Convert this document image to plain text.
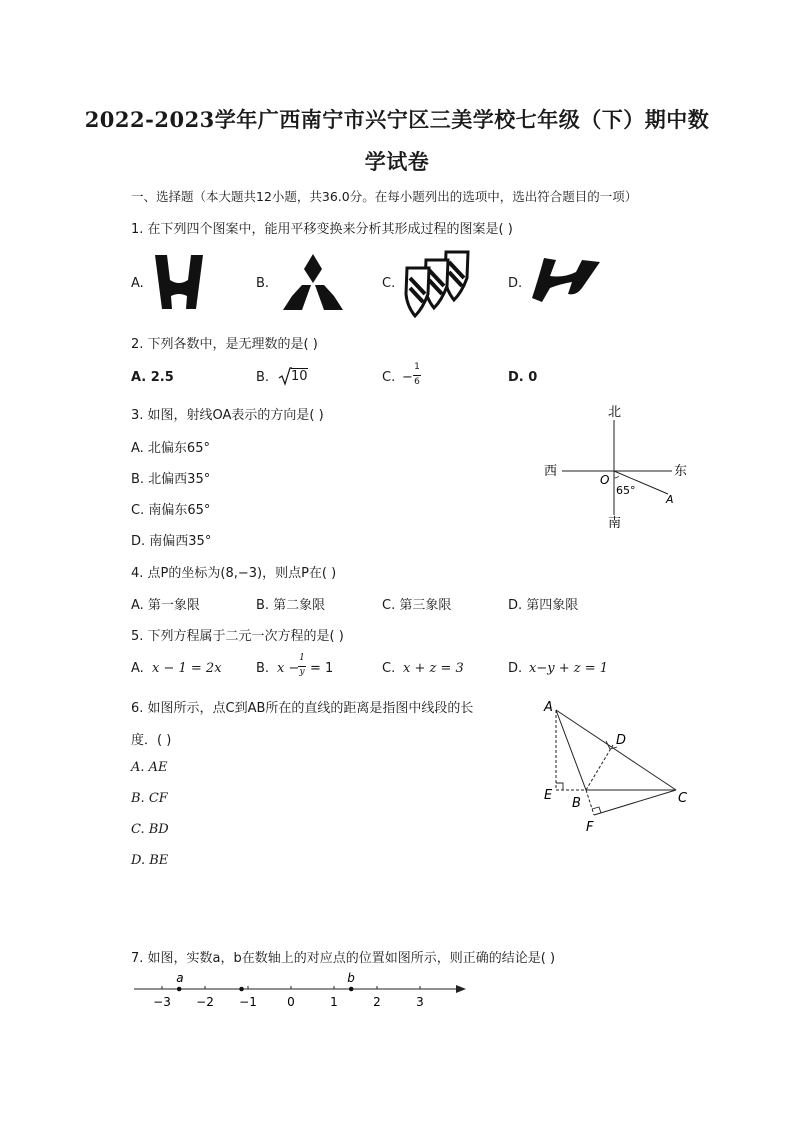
2022-2023学年广西南宁市兴宁区三美学校七年级（下）期中数
学试卷
一、选择题（本大题共12小题，共36.0分。在每小题列出的选项中，选出符合题目的一项）
1. 在下列四个图案中，能用平移变换来分析其形成过程的图案是( )
A.	B.	C.	D.
2. 下列各数中，是无理数的是( )
A. 2.5	B. 10	C. −
1
6	D. 0
3. 如图，射线OA表示的方向是( )
A. 北偏东65°
B. 北偏西35°
C. 南偏东65°
D. 南偏西35°
北
南
西	东
O
A
65°
4. 点P的坐标为(8,−3)，则点P在( )
A. 第一象限	B. 第二象限	C. 第三象限	D. 第四象限
5. 下列方程属于二元一次方程的是( )
A. x − 1 = 2x	B. x −
1
y = 1	C. x + z = 3	D. x−y + z = 1
6. 如图所示，点C到AB所在的直线的距离是指图中线段的长
度．( )
A. AE
B. CF
C. BD
D. BE
A
B	C
D
E
F
7. 如图，实数a，b在数轴上的对应点的位置如图所示，则正确的结论是( )
−3 −2 −1	0	1	2	3
a	b
